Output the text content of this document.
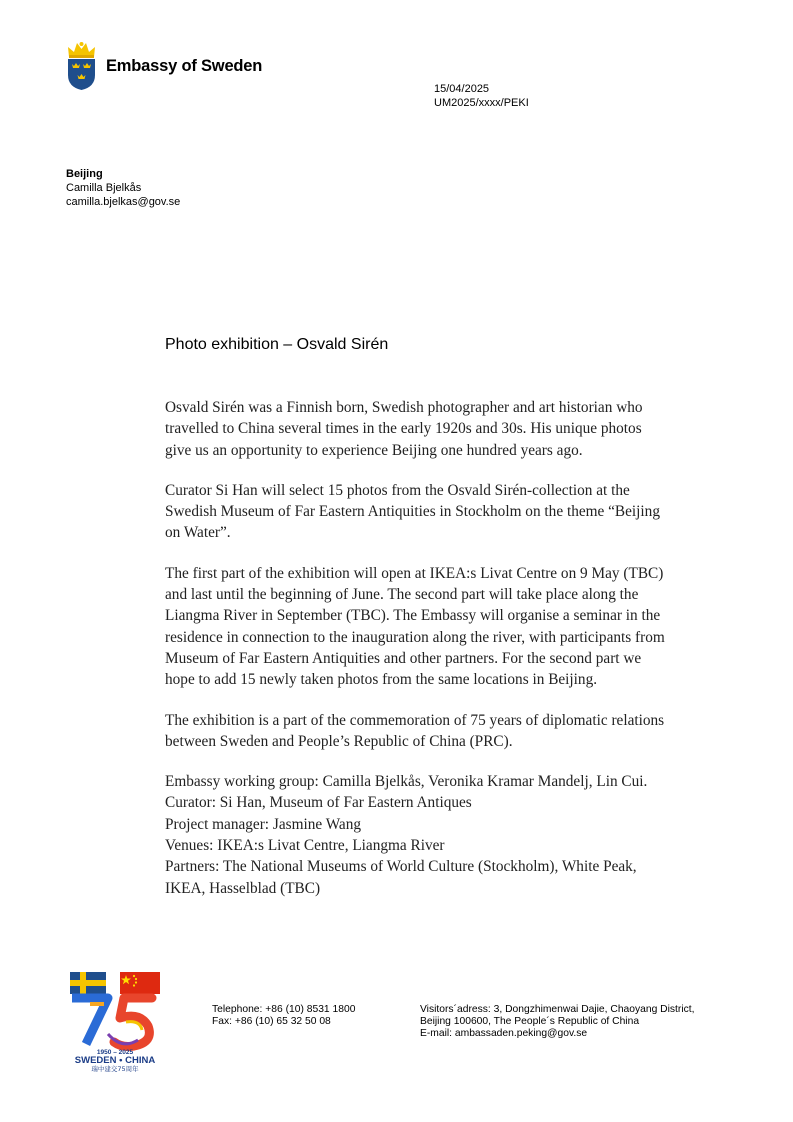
Embassy of Sweden
15/04/2025
UM2025/xxxx/PEKI
Beijing
Camilla Bjelkås
camilla.bjelkas@gov.se
Photo exhibition – Osvald Sirén

Osvald Sirén was a Finnish born, Swedish photographer and art historian who travelled to China several times in the early 1920s and 30s. His unique photos give us an opportunity to experience Beijing one hundred years ago.

Curator Si Han will select 15 photos from the Osvald Sirén-collection at the Swedish Museum of Far Eastern Antiquities in Stockholm on the theme “Beijing on Water”.

The first part of the exhibition will open at IKEA:s Livat Centre on 9 May (TBC) and last until the beginning of June. The second part will take place along the Liangma River in September (TBC). The Embassy will organise a seminar in the residence in connection to the inauguration along the river, with participants from Museum of Far Eastern Antiquities and other partners. For the second part we hope to add 15 newly taken photos from the same locations in Beijing.

The exhibition is a part of the commemoration of 75 years of diplomatic relations between Sweden and People’s Republic of China (PRC).

Embassy working group: Camilla Bjelkås, Veronika Kramar Mandelj, Lin Cui.
Curator: Si Han, Museum of Far Eastern Antiques
Project manager: Jasmine Wang
Venues: IKEA:s Livat Centre, Liangma River
Partners: The National Museums of World Culture (Stockholm), White Peak, IKEA, Hasselblad (TBC)

1950 – 2025
SWEDEN • CHINA
瑞中建交75周年
Telephone: +86 (10) 8531 1800
Fax: +86 (10) 65 32 50 08
Visitors´adress: 3, Dongzhimenwai Dajie, Chaoyang District,
Beijing 100600, The People´s Republic of China
E-mail: ambassaden.peking@gov.se
